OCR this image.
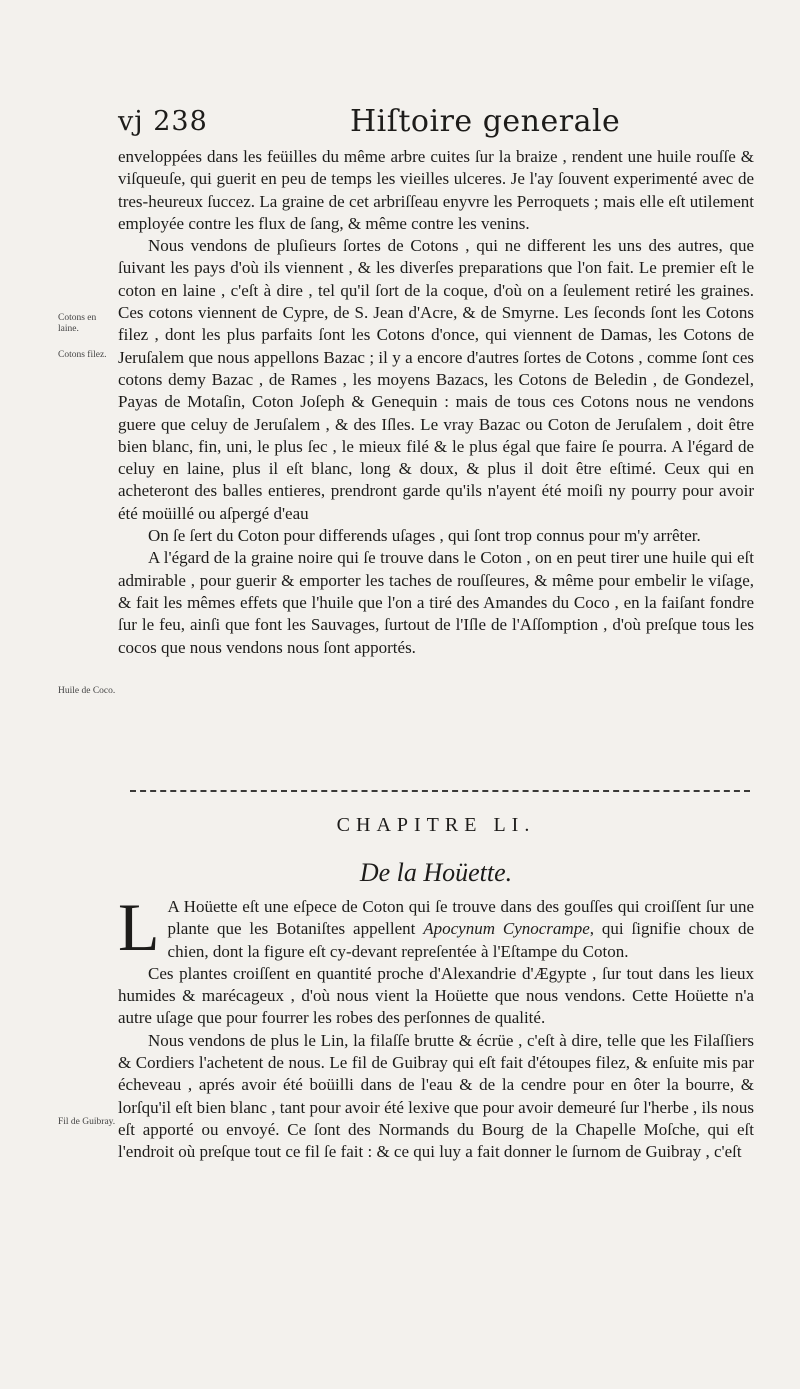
vj 238	Hiſtoire generale

enveloppées dans les feüilles du même arbre cuites ſur la braize , rendent une huile rouſſe & viſqueuſe, qui guerit en peu de temps les vieilles ulceres. Je l'ay ſouvent experimenté avec de tres-heureux ſuccez. La graine de cet arbriſſeau enyvre les Perroquets ; mais elle eſt utilement employée contre les flux de ſang, & même contre les venins.

Nous vendons de pluſieurs ſortes de Cotons , qui ne different les uns des autres, que ſuivant les pays d'où ils viennent , & les diverſes preparations que l'on fait. Le premier eſt le coton en laine , c'eſt à dire , tel qu'il ſort de la coque, d'où on a ſeulement retiré les graines. Ces cotons viennent de Cypre, de S. Jean d'Acre, & de Smyrne. Les ſeconds ſont les Cotons filez , dont les plus parfaits ſont les Cotons d'once, qui viennent de Damas, les Cotons de Jeruſalem que nous appellons Bazac ; il y a encore d'autres ſortes de Cotons , comme ſont ces cotons demy Bazac , de Rames , les moyens Bazacs, les Cotons de Beledin , de Gondezel, Payas de Motaſin, Coton Joſeph & Genequin : mais de tous ces Cotons nous ne vendons guere que celuy de Jeruſalem , & des Iſles. Le vray Bazac ou Coton de Jeruſalem , doit être bien blanc, fin, uni, le plus ſec , le mieux filé & le plus égal que faire ſe pourra. A l'égard de celuy en laine, plus il eſt blanc, long & doux, & plus il doit être eſtimé. Ceux qui en acheteront des balles entieres, prendront garde qu'ils n'ayent été moiſi ny pourry pour avoir été moüillé ou aſpergé d'eau

On ſe ſert du Coton pour differends uſages , qui ſont trop connus pour m'y arrêter.

A l'égard de la graine noire qui ſe trouve dans le Coton , on en peut tirer une huile qui eſt admirable , pour guerir & emporter les taches de rouſſeures, & même pour embelir le viſage, & fait les mêmes effets que l'huile que l'on a tiré des Amandes du Coco , en la faiſant fondre ſur le feu, ainſi que font les Sauvages, ſurtout de l'Iſle de l'Aſſomption , d'où preſque tous les cocos que nous vendons nous ſont apportés.

Cotons en laine.
Cotons filez.
Huile de Coco.
Fil de Guibray.
CHAPITRE LI.
De la Hoüette.

L A Hoüette eſt une eſpece de Coton qui ſe trouve dans des gouſſes qui croiſſent ſur une plante que les Botaniſtes appellent Apocynum Cynocrampe, qui ſignifie choux de chien, dont la figure eſt cy-devant repreſentée à l'Eſtampe du Coton.

Ces plantes croiſſent en quantité proche d'Alexandrie d'Ægypte , ſur tout dans les lieux humides & marécageux , d'où nous vient la Hoüette que nous vendons. Cette Hoüette n'a autre uſage que pour fourrer les robes des perſonnes de qualité.

Nous vendons de plus le Lin, la filaſſe brutte & écrüe , c'eſt à dire, telle que les Filaſſiers & Cordiers l'achetent de nous. Le fil de Guibray qui eſt fait d'étoupes filez, & enſuite mis par écheveau , aprés avoir été boüilli dans de l'eau & de la cendre pour en ôter la bourre, & lorſqu'il eſt bien blanc , tant pour avoir été lexive que pour avoir demeuré ſur l'herbe , ils nous eſt apporté ou envoyé. Ce ſont des Normands du Bourg de la Chapelle Moſche, qui eſt l'endroit où preſque tout ce fil ſe fait : & ce qui luy a fait donner le ſurnom de Guibray , c'eſt
